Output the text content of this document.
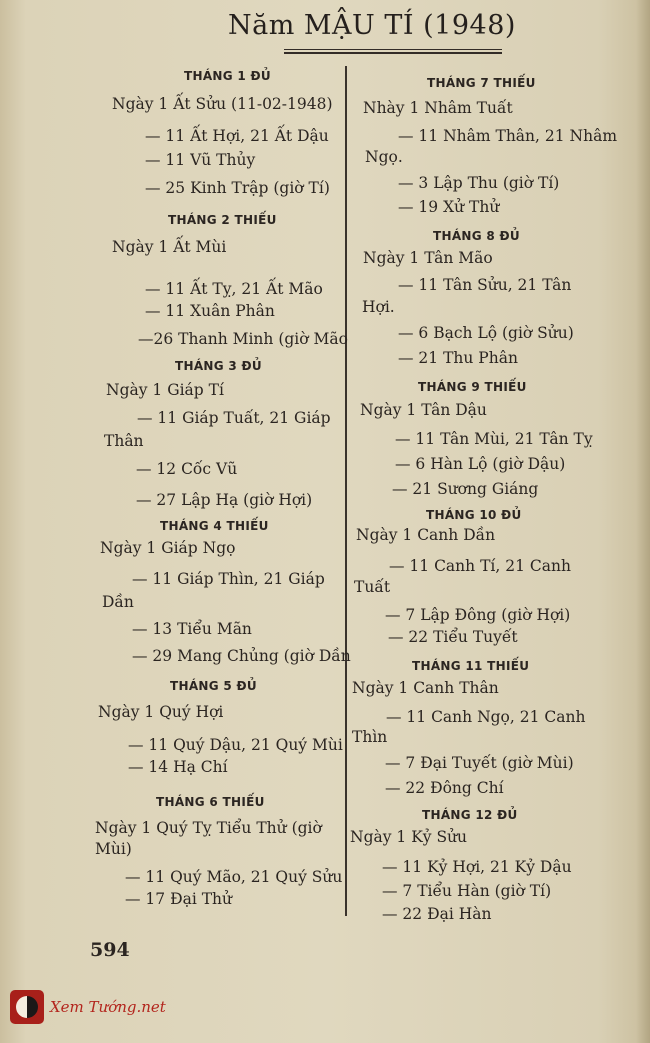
Năm MẬU TÍ (1948)
THÁNG 1 ĐỦ
Ngày 1 Ất Sửu (11-02-1948)
— 11 Ất Hợi, 21 Ất Dậu
— 11 Vũ Thủy
— 25 Kinh Trập (giờ Tí)
THÁNG 2 THIẾU
Ngày 1 Ất Mùi
— 11 Ất Tỵ, 21 Ất Mão
— 11 Xuân Phân
—26 Thanh Minh (giờ Mão
THÁNG 3 ĐỦ
Ngày 1 Giáp Tí
— 11 Giáp Tuất, 21 Giáp
Thân
— 12 Cốc Vũ
— 27 Lập Hạ (giờ Hợi)
THÁNG 4 THIẾU
Ngày 1 Giáp Ngọ
— 11 Giáp Thìn, 21 Giáp
Dần
— 13 Tiểu Mãn
— 29 Mang Chủng (giờ Dần
THÁNG 5 ĐỦ
Ngày 1 Quý Hợi
— 11 Quý Dậu, 21 Quý Mùi
— 14 Hạ Chí
THÁNG 6 THIẾU
Ngày 1 Quý Tỵ Tiểu Thử (giờ
Mùi)
— 11 Quý Mão, 21 Quý Sửu
— 17 Đại Thử
THÁNG 7 THIẾU
Nhày 1 Nhâm Tuất
— 11 Nhâm Thân, 21 Nhâm
Ngọ.
— 3 Lập Thu (giờ Tí)
— 19 Xử Thử
THÁNG 8 ĐỦ
Ngày 1 Tân Mão
— 11 Tân Sửu, 21 Tân
Hợi.
— 6 Bạch Lộ (giờ Sửu)
— 21 Thu Phân
THÁNG 9 THIẾU
Ngày 1 Tân Dậu
— 11 Tân Mùi, 21 Tân Tỵ
— 6 Hàn Lộ (giờ Dậu)
— 21 Sương Giáng
THÁNG 10 ĐỦ
Ngày 1 Canh Dần
— 11 Canh Tí, 21 Canh
Tuất
— 7 Lập Đông (giờ Hợi)
— 22 Tiểu Tuyết
THÁNG 11 THIẾU
Ngày 1 Canh Thân
— 11 Canh Ngọ, 21 Canh
Thìn
— 7 Đại Tuyết (giờ Mùi)
— 22 Đông Chí
THÁNG 12 ĐỦ
Ngày 1 Kỷ Sửu
— 11 Kỷ Hợi, 21 Kỷ Dậu
— 7 Tiểu Hàn (giờ Tí)
— 22 Đại Hàn
594
Xem Tướng.net
